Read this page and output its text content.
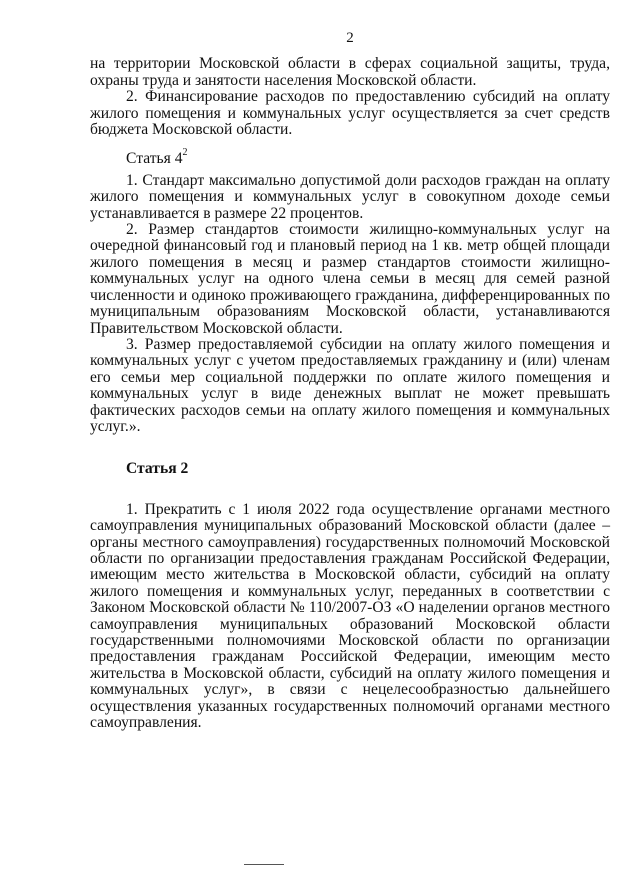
2

на территории Московской области в сферах социальной защиты, труда, охраны труда и занятости населения Московской области.

2. Финансирование расходов по предоставлению субсидий на оплату жилого помещения и коммунальных услуг осуществляется за счет средств бюджета Московской области.

Статья $4^2$

1. Стандарт максимально допустимой доли расходов граждан на оплату жилого помещения и коммунальных услуг в совокупном доходе семьи устанавливается в размере 22 процентов.

2. Размер стандартов стоимости жилищно-коммунальных услуг на очередной финансовый год и плановый период на 1 кв. метр общей площади жилого помещения в месяц и размер стандартов стоимости жилищно-коммунальных услуг на одного члена семьи в месяц для семей разной численности и одиноко проживающего гражданина, дифференцированных по муниципальным образованиям Московской области, устанавливаются Правительством Московской области.

3. Размер предоставляемой субсидии на оплату жилого помещения и коммунальных услуг с учетом предоставляемых гражданину и (или) членам его семьи мер социальной поддержки по оплате жилого помещения и коммунальных услуг в виде денежных выплат не может превышать фактических расходов семьи на оплату жилого помещения и коммунальных услуг.».

Статья 2

1. Прекратить с 1 июля 2022 года осуществление органами местного самоуправления муниципальных образований Московской области (далее – органы местного самоуправления) государственных полномочий Московской области по организации предоставления гражданам Российской Федерации, имеющим место жительства в Московской области, субсидий на оплату жилого помещения и коммунальных услуг, переданных в соответствии с Законом Московской области № 110/2007-ОЗ «О наделении органов местного самоуправления муниципальных образований Московской области государственными полномочиями Московской области по организации предоставления гражданам Российской Федерации, имеющим место жительства в Московской области, субсидий на оплату жилого помещения и коммунальных услуг», в связи с нецелесообразностью дальнейшего осуществления указанных государственных полномочий органами местного самоуправления.
